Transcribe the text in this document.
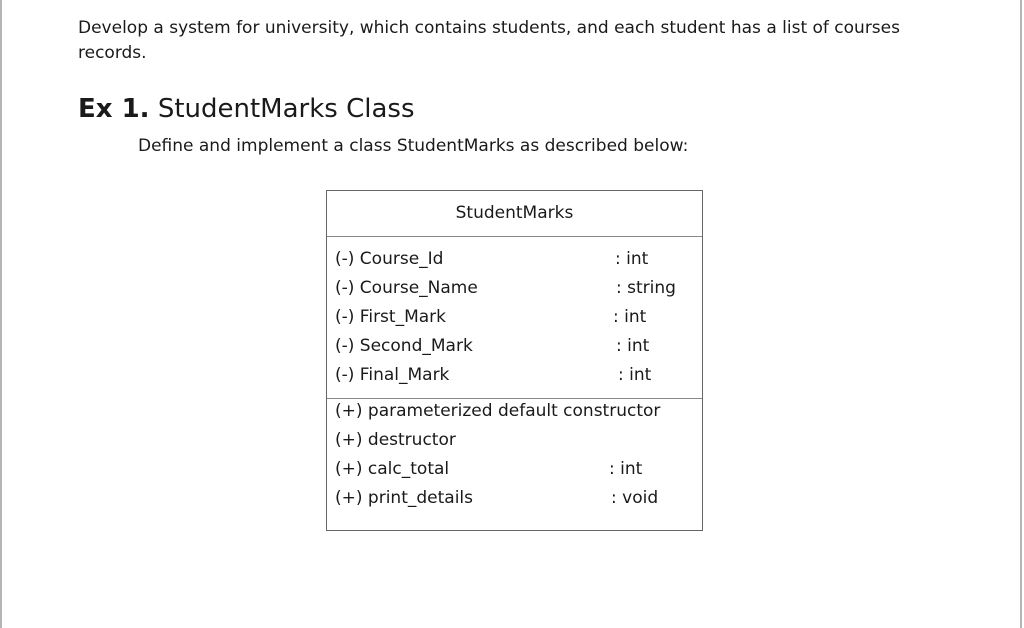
Develop a system for university, which contains students, and each student has a list of courses records.

Ex 1. StudentMarks Class

Define and implement a class StudentMarks as described below:

StudentMarks
(-) Course_Id	: int
(-) Course_Name	: string
(-) First_Mark	: int
(-) Second_Mark	: int
(-) Final_Mark	: int
(+) parameterized default constructor
(+) destructor
(+) calc_total	: int
(+) print_details	: void
